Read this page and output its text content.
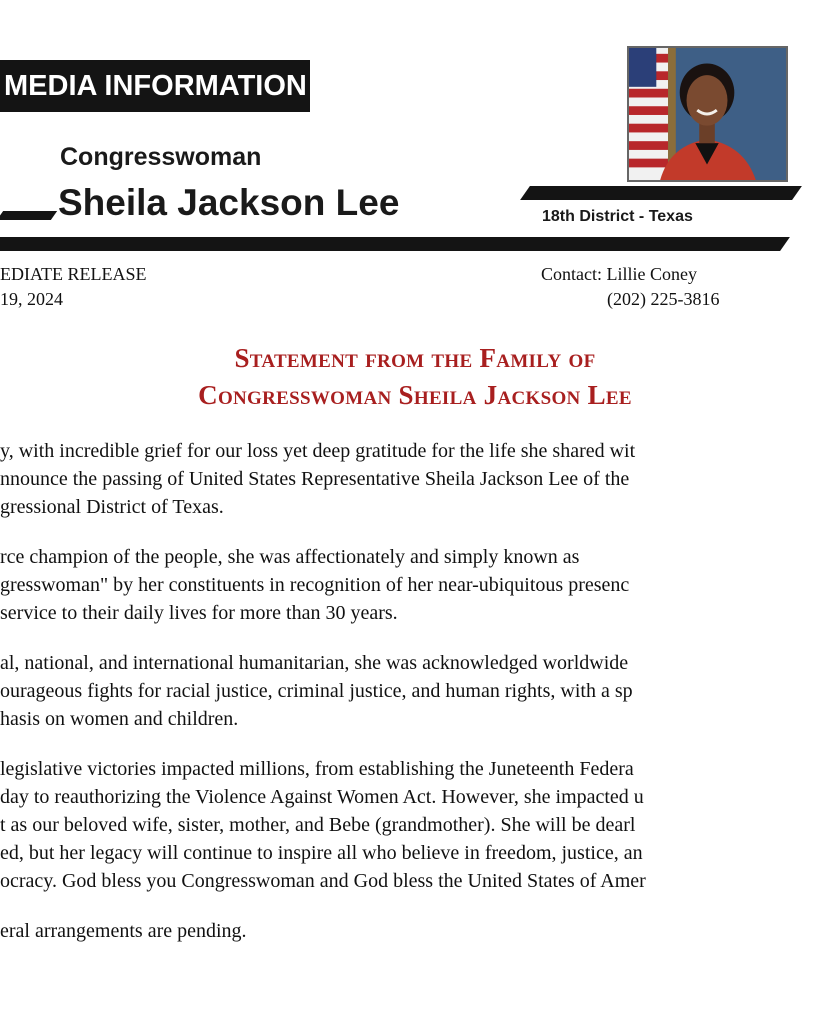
MEDIA INFORMATION
Congresswoman
Sheila Jackson Lee	18th District - Texas
EDIATE RELEASE
19, 2024
Contact: Lillie Coney
(202) 225-3816
Statement from the Family of
Congresswoman Sheila Jackson Lee

y, with incredible grief for our loss yet deep gratitude for the life she shared wit
nnounce the passing of United States Representative Sheila Jackson Lee of the
gressional District of Texas.

rce champion of the people, she was affectionately and simply known as
gresswoman" by her constituents in recognition of her near-ubiquitous presenc
service to their daily lives for more than 30 years.

al, national, and international humanitarian, she was acknowledged worldwide
ourageous fights for racial justice, criminal justice, and human rights, with a sp
hasis on women and children.

legislative victories impacted millions, from establishing the Juneteenth Federa
day to reauthorizing the Violence Against Women Act. However, she impacted u
t as our beloved wife, sister, mother, and Bebe (grandmother). She will be dearl
ed, but her legacy will continue to inspire all who believe in freedom, justice, an
ocracy. God bless you Congresswoman and God bless the United States of Amer

eral arrangements are pending.
